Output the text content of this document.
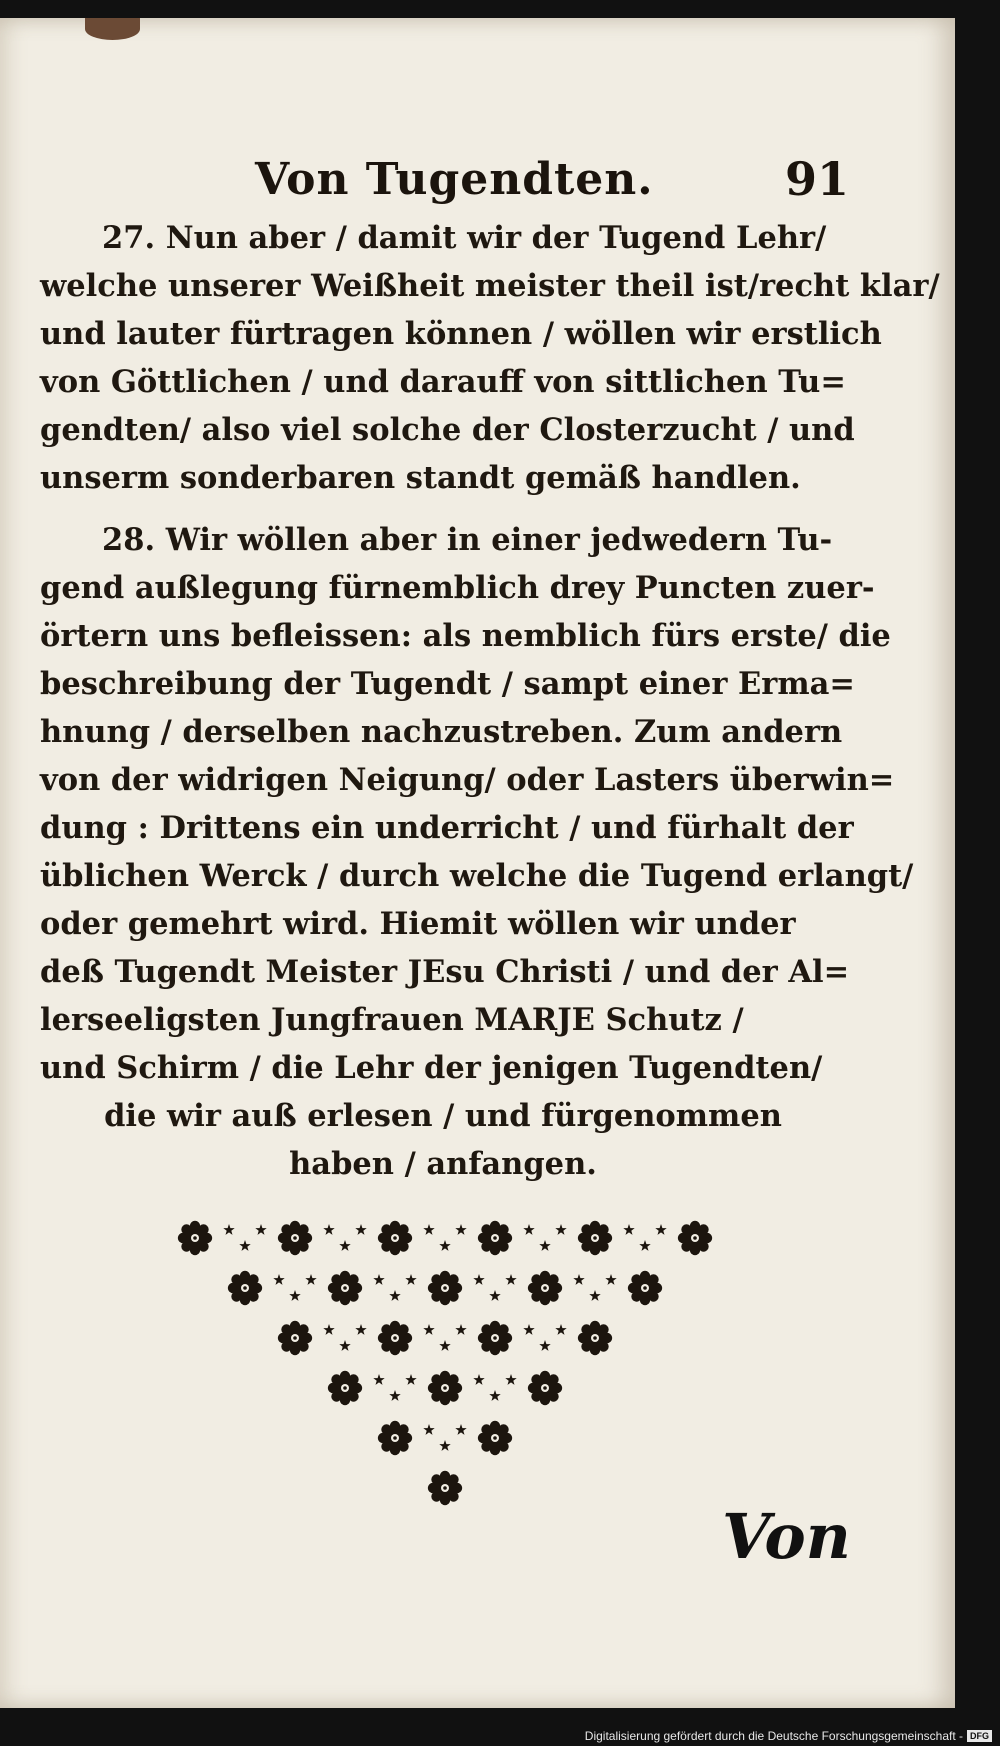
Von Tugendten.	91

27. Nun aber / damit wir der Tugend Lehr/
welche unserer Weißheit meister theil ist/recht klar/
und lauter fürtragen können / wöllen wir erstlich
von Göttlichen / und darauff von sittlichen Tu=
gendten/ also viel solche der Closterzucht / und
unserm sonderbaren standt gemäß handlen.

28. Wir wöllen aber in einer jedwedern Tu-
gend außlegung fürnemblich drey Puncten zuer-
örtern uns befleissen: als nemblich fürs erste/ die
beschreibung der Tugendt / sampt einer Erma=
hnung / derselben nachzustreben. Zum andern
von der widrigen Neigung/ oder Lasters überwin=
dung : Drittens ein underricht / und fürhalt der
üblichen Werck / durch welche die Tugend erlangt/
oder gemehrt wird. Hiemit wöllen wir under
deß Tugendt Meister JEsu Christi / und der Al=
lerseeligsten Jungfrauen MARJE Schutz /
und Schirm / die Lehr der jenigen Tugendten/
die wir auß erlesen / und fürgenommen
haben / anfangen.

Von
Digitalisierung gefördert durch die Deutsche Forschungsgemeinschaft - DFG
